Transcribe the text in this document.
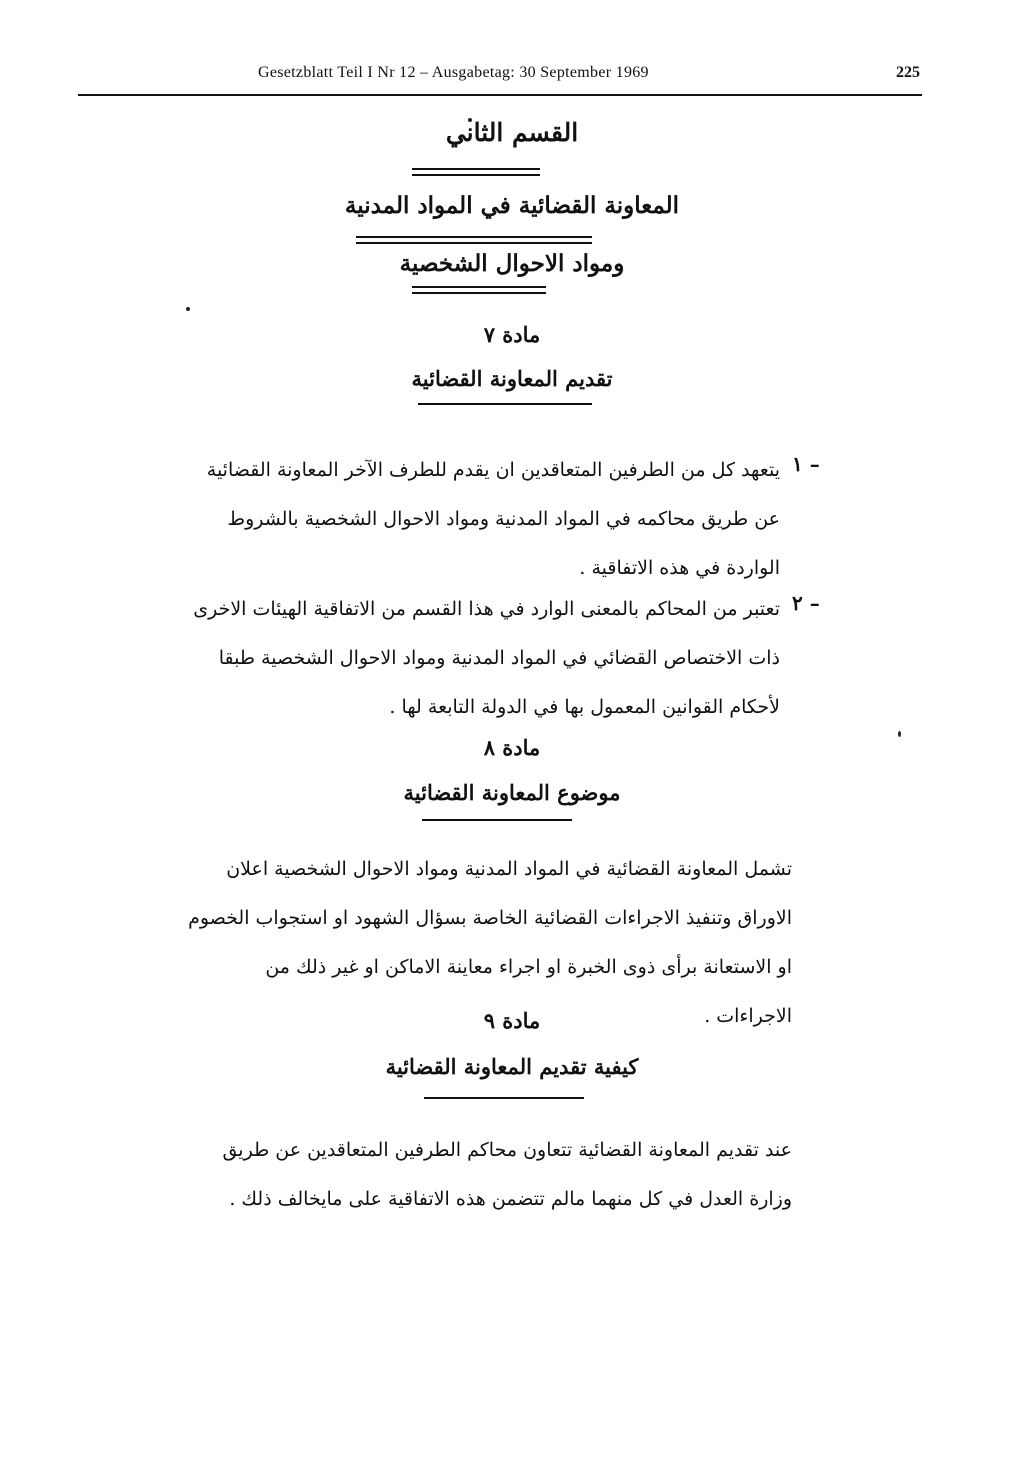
Gesetzblatt Teil I Nr 12 – Ausgabetag: 30 September 1969	225
القسم الثاني
المعاونة القضائية في المواد المدنية
ومواد الاحوال الشخصية
مادة ٧
تقديم المعاونة القضائية
١ –
يتعهد كل من الطرفين المتعاقدين ان يقدم للطرف الآخر المعاونة القضائية عن طريق محاكمه في المواد المدنية ومواد الاحوال الشخصية بالشروط الواردة في هذه الاتفاقية .
٢ –
تعتبر من المحاكم بالمعنى الوارد في هذا القسم من الاتفاقية الهيئات الاخرى ذات الاختصاص القضائي في المواد المدنية ومواد الاحوال الشخصية طبقا لأحكام القوانين المعمول بها في الدولة التابعة لها .
مادة ٨
موضوع المعاونة القضائية
تشمل المعاونة القضائية في المواد المدنية ومواد الاحوال الشخصية اعلان الاوراق وتنفيذ الاجراءات القضائية الخاصة بسؤال الشهود او استجواب الخصوم او الاستعانة برأى ذوى الخبرة او اجراء معاينة الاماكن او غير ذلك من الاجراءات .
مادة ٩
كيفية تقديم المعاونة القضائية
عند تقديم المعاونة القضائية تتعاون محاكم الطرفين المتعاقدين عن طريق وزارة العدل في كل منهما مالم تتضمن هذه الاتفاقية على مايخالف ذلك .
